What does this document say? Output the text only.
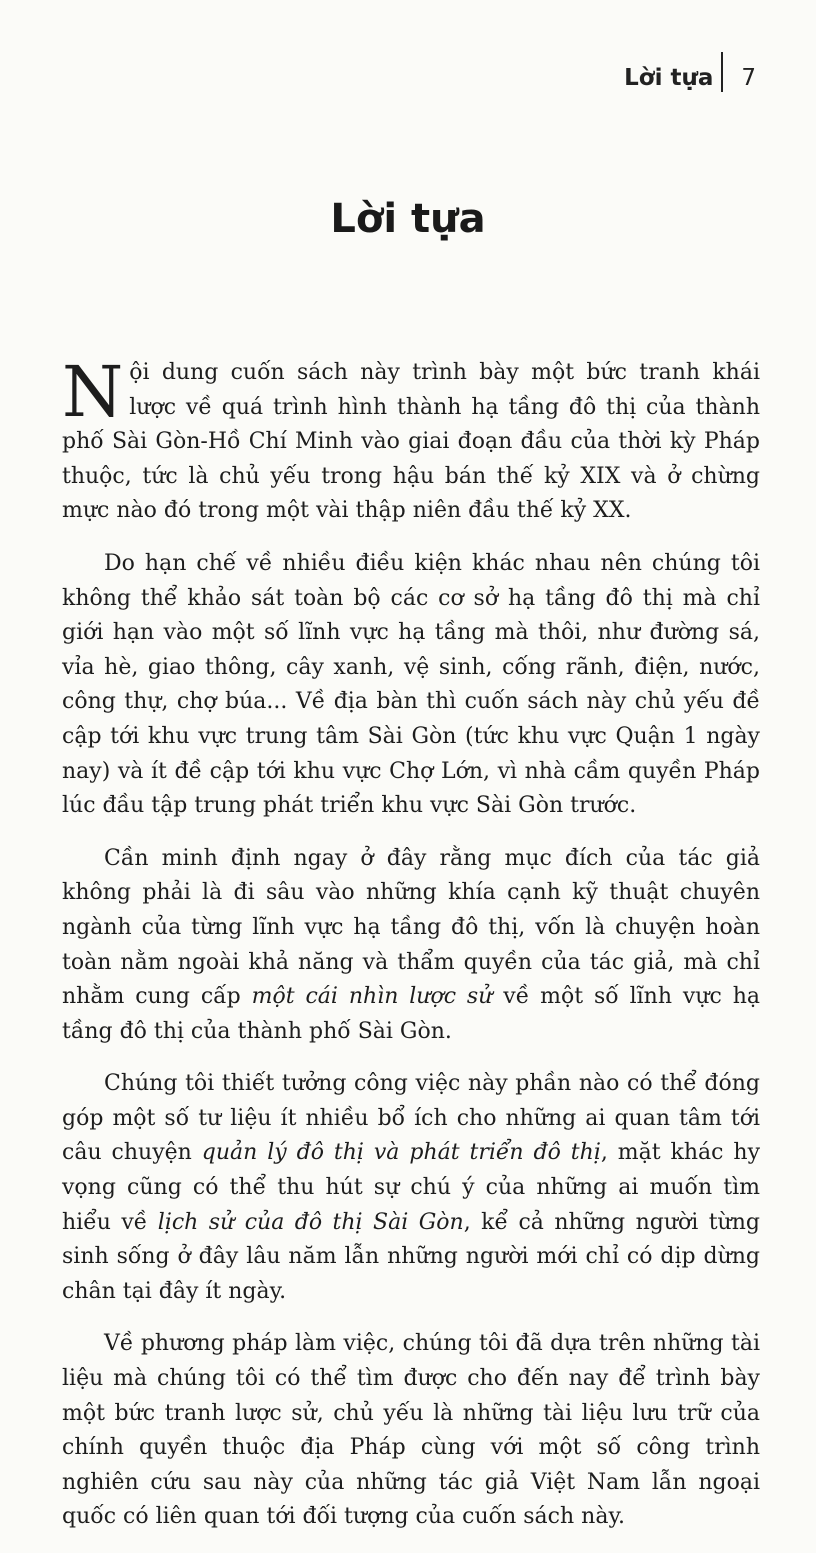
Lời tựa 7
Lời tựa

Nội dung cuốn sách này trình bày một bức tranh khái lược về quá trình hình thành hạ tầng đô thị của thành phố Sài Gòn-Hồ Chí Minh vào giai đoạn đầu của thời kỳ Pháp thuộc, tức là chủ yếu trong hậu bán thế kỷ XIX và ở chừng mực nào đó trong một vài thập niên đầu thế kỷ XX.

Do hạn chế về nhiều điều kiện khác nhau nên chúng tôi không thể khảo sát toàn bộ các cơ sở hạ tầng đô thị mà chỉ giới hạn vào một số lĩnh vực hạ tầng mà thôi, như đường sá, vỉa hè, giao thông, cây xanh, vệ sinh, cống rãnh, điện, nước, công thự, chợ búa... Về địa bàn thì cuốn sách này chủ yếu đề cập tới khu vực trung tâm Sài Gòn (tức khu vực Quận 1 ngày nay) và ít đề cập tới khu vực Chợ Lớn, vì nhà cầm quyền Pháp lúc đầu tập trung phát triển khu vực Sài Gòn trước.

Cần minh định ngay ở đây rằng mục đích của tác giả không phải là đi sâu vào những khía cạnh kỹ thuật chuyên ngành của từng lĩnh vực hạ tầng đô thị, vốn là chuyện hoàn toàn nằm ngoài khả năng và thẩm quyền của tác giả, mà chỉ nhằm cung cấp một cái nhìn lược sử về một số lĩnh vực hạ tầng đô thị của thành phố Sài Gòn.

Chúng tôi thiết tưởng công việc này phần nào có thể đóng góp một số tư liệu ít nhiều bổ ích cho những ai quan tâm tới câu chuyện quản lý đô thị và phát triển đô thị, mặt khác hy vọng cũng có thể thu hút sự chú ý của những ai muốn tìm hiểu về lịch sử của đô thị Sài Gòn, kể cả những người từng sinh sống ở đây lâu năm lẫn những người mới chỉ có dịp dừng chân tại đây ít ngày.

Về phương pháp làm việc, chúng tôi đã dựa trên những tài liệu mà chúng tôi có thể tìm được cho đến nay để trình bày một bức tranh lược sử, chủ yếu là những tài liệu lưu trữ của chính quyền thuộc địa Pháp cùng với một số công trình nghiên cứu sau này của những tác giả Việt Nam lẫn ngoại quốc có liên quan tới đối tượng của cuốn sách này.
